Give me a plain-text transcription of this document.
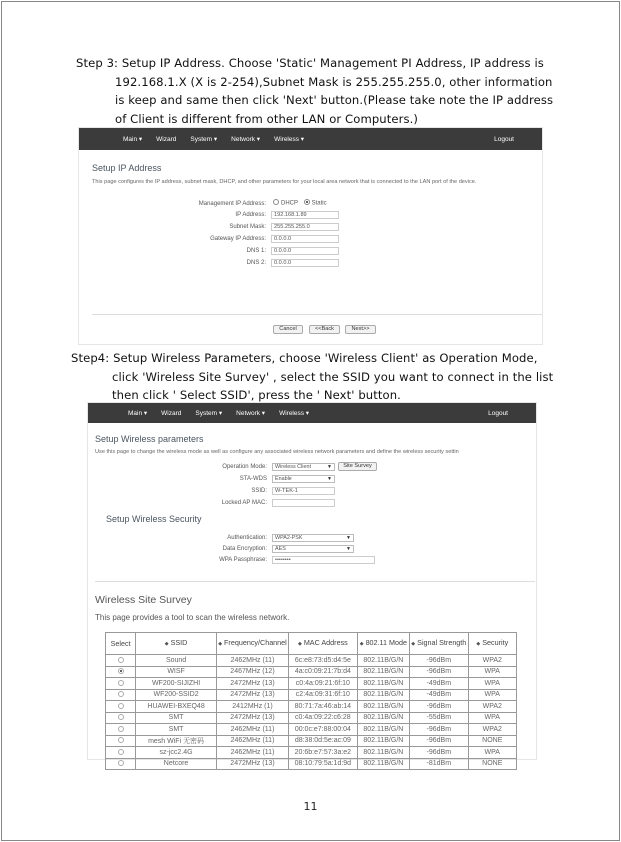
Step 3: Setup IP Address. Choose 'Static' Management PI Address, IP address is
192.168.1.X (X is 2-254),Subnet Mask is 255.255.255.0, other information
is keep and same then click 'Next' button.(Please take note the IP address
of Client is different from other LAN or Computers.)
Main ▾ Wizard System ▾ Network ▾ Wireless ▾	Logout
Setup IP Address
This page configures the IP address, subnet mask, DHCP, and other parameters for your local area network that is connected to the LAN port of the device.
Management IP Address:	DHCP Static
IP Address:	192.168.1.89
Subnet Mask:	255.255.255.0
Gateway IP Address:	0.0.0.0
DNS 1:	0.0.0.0
DNS 2:	0.0.0.0
Cancel	<<Back	Next>>
Step4: Setup Wireless Parameters, choose 'Wireless Client' as Operation Mode,
click 'Wireless Site Survey' , select the SSID you want to connect in the list
then click ' Select SSID', press the ' Next' button.
Main ▾ Wizard System ▾ Network ▾ Wireless ▾	Logout
Setup Wireless parameters
Use this page to change the wireless mode as well as configure any associated wireless network parameters and define the wireless security settin
Operation Mode:	Wireless Client	▼	Site Survey
STA-WDS	Enable	▼
SSID:	W-TEK-1
Locked AP MAC:
Setup Wireless Security
Authentication:	WPA2-PSK	▼
Data Encryption:	AES	▼
WPA Passphrase:	••••••••
Wireless Site Survey
This page provides a tool to scan the wireless network.
Select	◆ SSID	◆ Frequency/Channel	◆ MAC Address	◆ 802.11 Mode	◆ Signal Strength	◆ Security
	Sound	2462MHz (11)	6c:e8:73:d5:d4:5e	802.11B/G/N	-96dBm	WPA2
	WISF	2467MHz (12)	4a:c0:09:21:7b:d4	802.11B/G/N	-96dBm	WPA
	WF200-SIJIZHI	2472MHz (13)	c0:4a:09:21:6f:10	802.11B/G/N	-49dBm	WPA
	WF200-SSID2	2472MHz (13)	c2:4a:09:31:6f:10	802.11B/G/N	-49dBm	WPA
	HUAWEI-BXEQ48	2412MHz (1)	80:71:7a:46:ab:14	802.11B/G/N	-96dBm	WPA2
	SMT	2472MHz (13)	c0:4a:09:22:c6:28	802.11B/G/N	-55dBm	WPA
	SMT	2462MHz (11)	00:0c:e7:88:00:04	802.11B/G/N	-96dBm	WPA2
	mesh WiFi 无密码	2462MHz (11)	d8:38:0d:5e:ac:09	802.11B/G/N	-96dBm	NONE
	sz-jcc2.4G	2462MHz (11)	20:6b:e7:57:3a:e2	802.11B/G/N	-96dBm	WPA
	Netcore	2472MHz (13)	08:10:79:5a:1d:9d	802.11B/G/N	-81dBm	NONE
11
